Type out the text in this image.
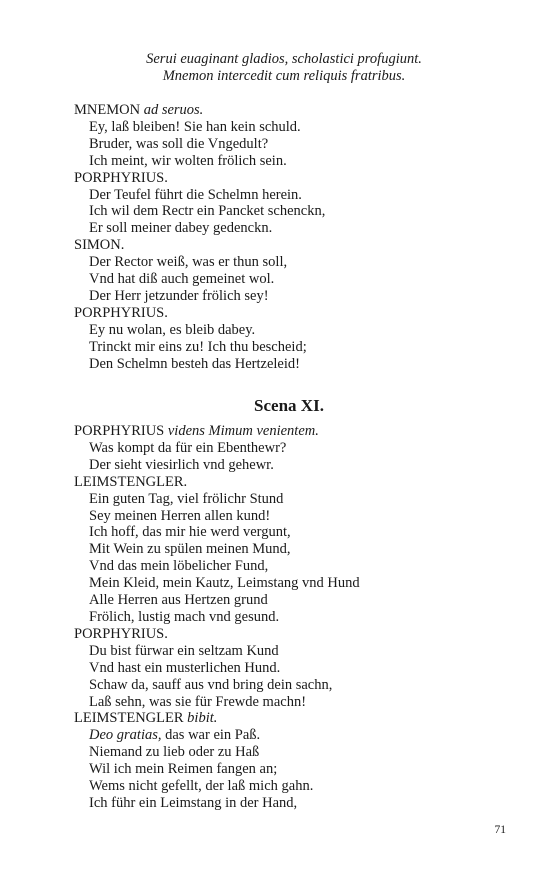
Serui euaginant gladios, scholastici profugiunt.
Mnemon intercedit cum reliquis fratribus.
MNEMON ad seruos.
Ey, laß bleiben! Sie han kein schuld.
Bruder, was soll die Vngedult?
Ich meint, wir wolten frölich sein.
PORPHYRIUS.
Der Teufel führt die Schelmn herein.
Ich wil dem Rectr ein Pancket schenckn,
Er soll meiner dabey gedenckn.
SIMON.
Der Rector weiß, was er thun soll,
Vnd hat diß auch gemeinet wol.
Der Herr jetzunder frölich sey!
PORPHYRIUS.
Ey nu wolan, es bleib dabey.
Trinckt mir eins zu! Ich thu bescheid;
Den Schelmn besteh das Hertzeleid!
Scena XI.
PORPHYRIUS videns Mimum venientem.
Was kompt da für ein Ebenthewr?
Der sieht viesirlich vnd gehewr.
LEIMSTENGLER.
Ein guten Tag, viel frölichr Stund
Sey meinen Herren allen kund!
Ich hoff, das mir hie werd vergunt,
Mit Wein zu spülen meinen Mund,
Vnd das mein löbelicher Fund,
Mein Kleid, mein Kautz, Leimstang vnd Hund
Alle Herren aus Hertzen grund
Frölich, lustig mach vnd gesund.
PORPHYRIUS.
Du bist fürwar ein seltzam Kund
Vnd hast ein musterlichen Hund.
Schaw da, sauff aus vnd bring dein sachn,
Laß sehn, was sie für Frewde machn!
LEIMSTENGLER bibit.
Deo gratias, das war ein Paß.
Niemand zu lieb oder zu Haß
Wil ich mein Reimen fangen an;
Wems nicht gefellt, der laß mich gahn.
Ich führ ein Leimstang in der Hand,
71
